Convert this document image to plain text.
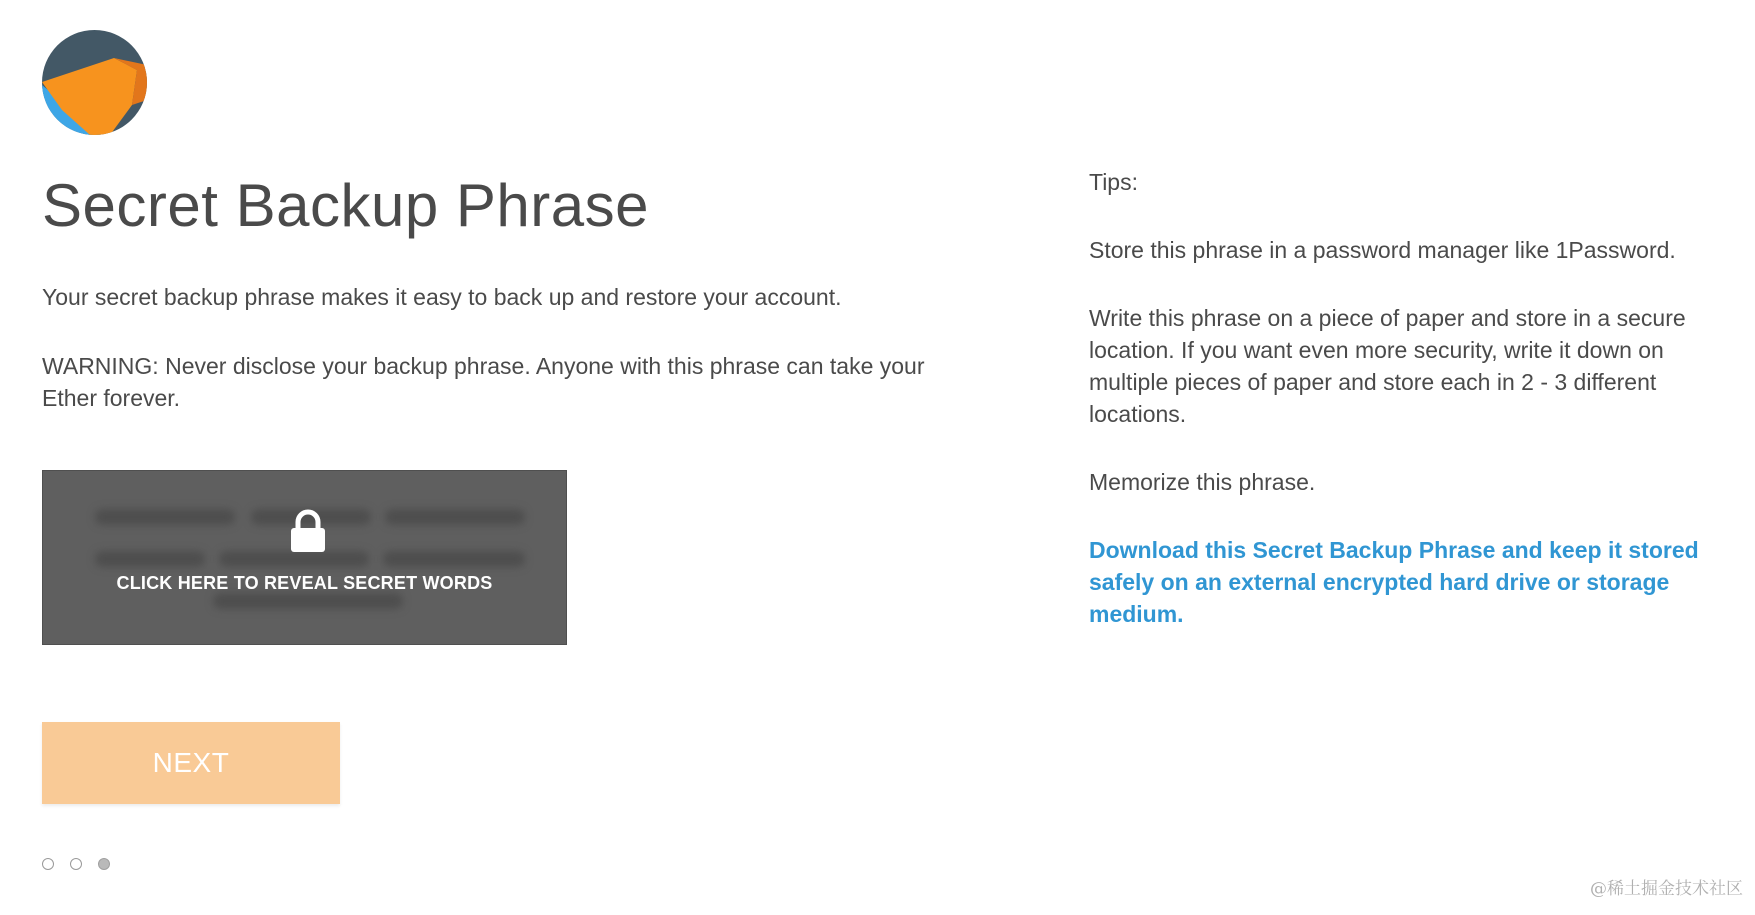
Secret Backup Phrase

Your secret backup phrase makes it easy to back up and restore your account.

WARNING: Never disclose your backup phrase. Anyone with this phrase can take your Ether forever.

CLICK HERE TO REVEAL SECRET WORDS
NEXT

Tips:

Store this phrase in a password manager like 1Password.

Write this phrase on a piece of paper and store in a secure location. If you want even more security, write it down on multiple pieces of paper and store each in 2 - 3 different locations.

Memorize this phrase.

Download this Secret Backup Phrase and keep it stored safely on an external encrypted hard drive or storage medium.
@稀土掘金技术社区
